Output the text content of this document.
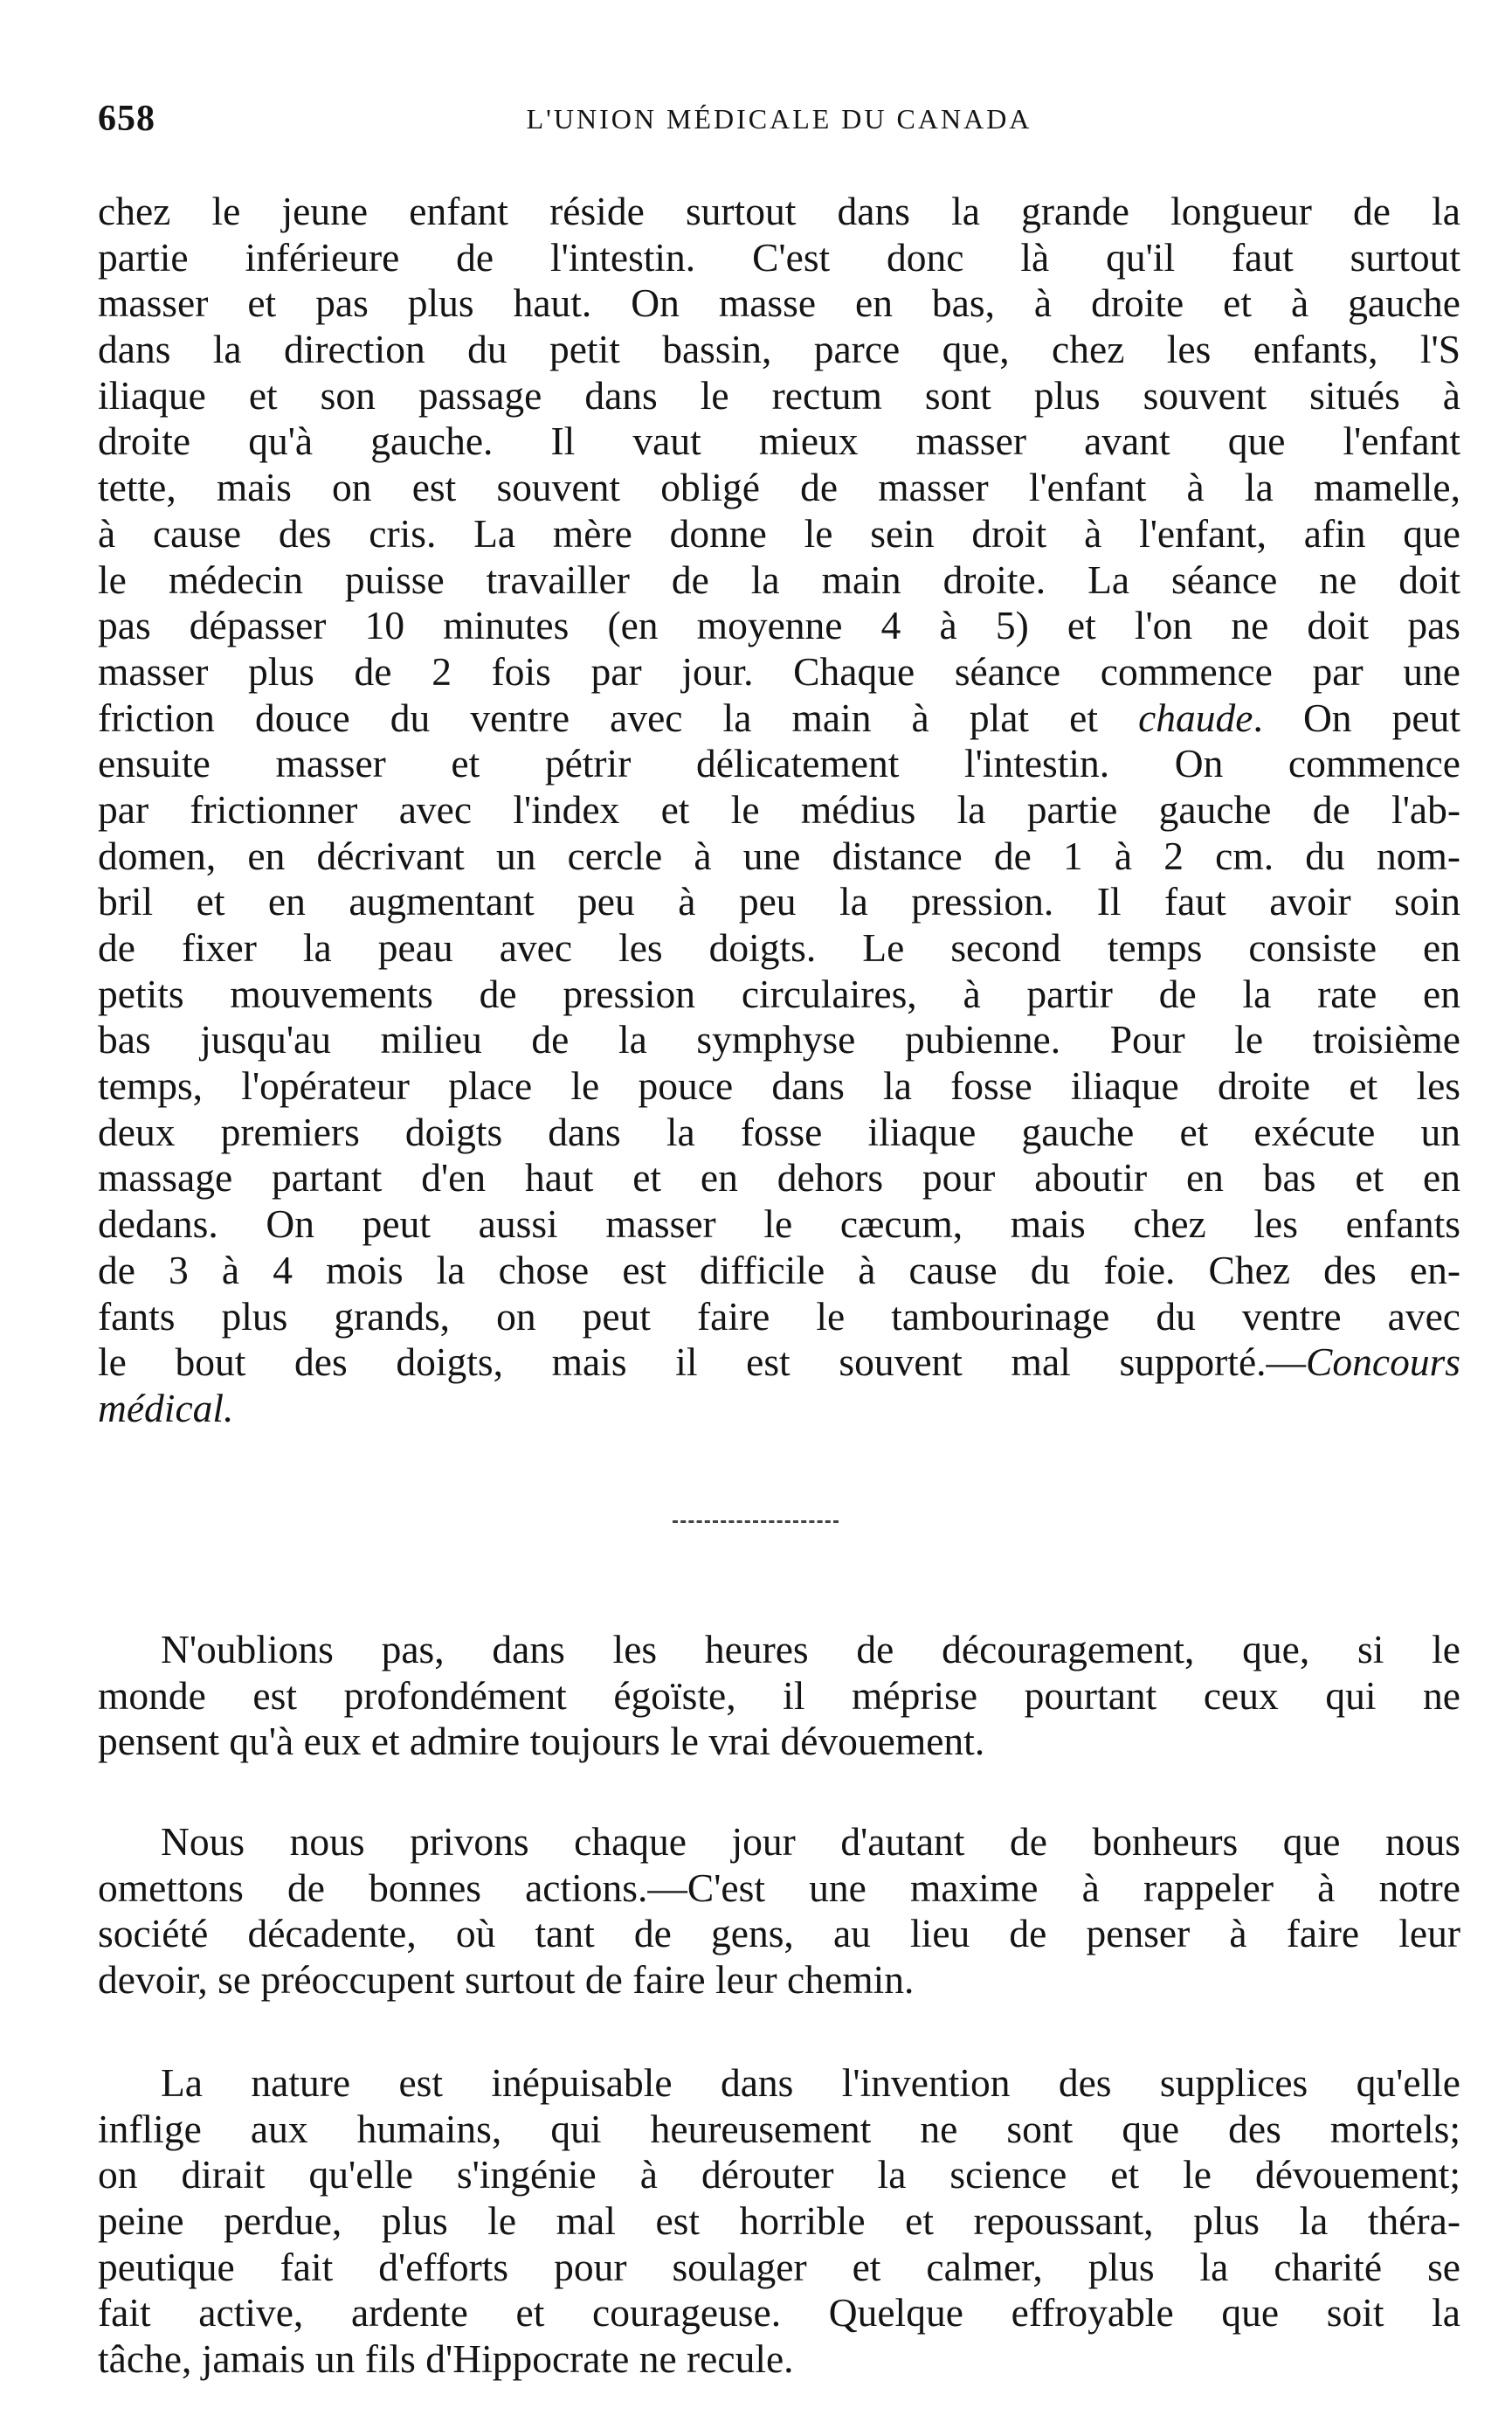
658	L'UNION MÉDICALE DU CANADA
chez le jeune enfant réside surtout dans la grande longueur de la
partie inférieure de l'intestin. C'est donc là qu'il faut surtout
masser et pas plus haut. On masse en bas, à droite et à gauche
dans la direction du petit bassin, parce que, chez les enfants, l'S
iliaque et son passage dans le rectum sont plus souvent situés à
droite qu'à gauche. Il vaut mieux masser avant que l'enfant
tette, mais on est souvent obligé de masser l'enfant à la mamelle,
à cause des cris. La mère donne le sein droit à l'enfant, afin que
le médecin puisse travailler de la main droite. La séance ne doit
pas dépasser 10 minutes (en moyenne 4 à 5) et l'on ne doit pas
masser plus de 2 fois par jour. Chaque séance commence par une
friction douce du ventre avec la main à plat et chaude. On peut
ensuite masser et pétrir délicatement l'intestin. On commence
par frictionner avec l'index et le médius la partie gauche de l'ab-
domen, en décrivant un cercle à une distance de 1 à 2 cm. du nom-
bril et en augmentant peu à peu la pression. Il faut avoir soin
de fixer la peau avec les doigts. Le second temps consiste en
petits mouvements de pression circulaires, à partir de la rate en
bas jusqu'au milieu de la symphyse pubienne. Pour le troisième
temps, l'opérateur place le pouce dans la fosse iliaque droite et les
deux premiers doigts dans la fosse iliaque gauche et exécute un
massage partant d'en haut et en dehors pour aboutir en bas et en
dedans. On peut aussi masser le cæcum, mais chez les enfants
de 3 à 4 mois la chose est difficile à cause du foie. Chez des en-
fants plus grands, on peut faire le tambourinage du ventre avec
le bout des doigts, mais il est souvent mal supporté.—Concours
médical.
N'oublions pas, dans les heures de découragement, que, si le
monde est profondément égoïste, il méprise pourtant ceux qui ne
pensent qu'à eux et admire toujours le vrai dévouement.
Nous nous privons chaque jour d'autant de bonheurs que nous
omettons de bonnes actions.—C'est une maxime à rappeler à notre
société décadente, où tant de gens, au lieu de penser à faire leur
devoir, se préoccupent surtout de faire leur chemin.
La nature est inépuisable dans l'invention des supplices qu'elle
inflige aux humains, qui heureusement ne sont que des mortels;
on dirait qu'elle s'ingénie à dérouter la science et le dévouement;
peine perdue, plus le mal est horrible et repoussant, plus la théra-
peutique fait d'efforts pour soulager et calmer, plus la charité se
fait active, ardente et courageuse. Quelque effroyable que soit la
tâche, jamais un fils d'Hippocrate ne recule.
